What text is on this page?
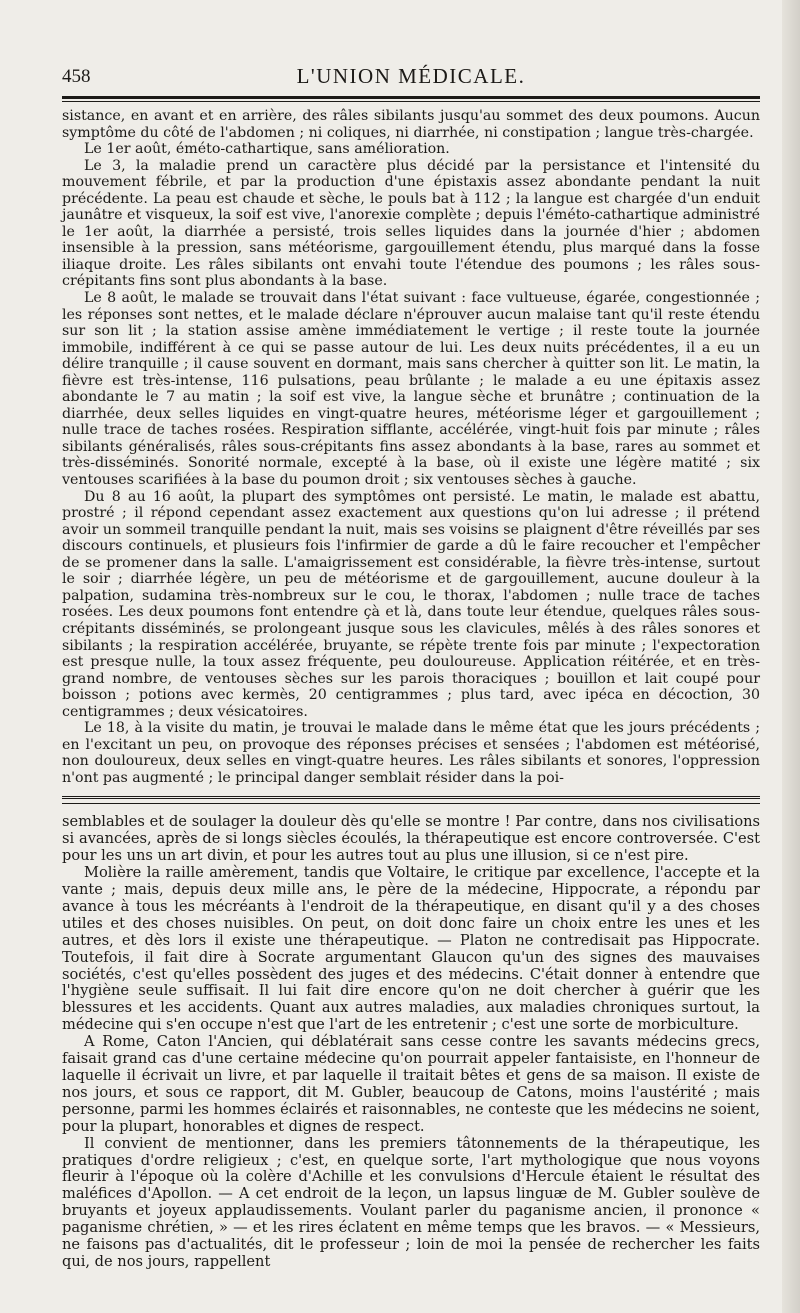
458	L'UNION MÉDICALE.

sistance, en avant et en arrière, des râles sibilants jusqu'au sommet des deux poumons. Aucun symptôme du côté de l'abdomen ; ni coliques, ni diarrhée, ni constipation ; langue très-chargée.

Le 1er août, éméto-cathartique, sans amélioration.

Le 3, la maladie prend un caractère plus décidé par la persistance et l'intensité du mouvement fébrile, et par la production d'une épistaxis assez abondante pendant la nuit précédente. La peau est chaude et sèche, le pouls bat à 112 ; la langue est chargée d'un enduit jaunâtre et visqueux, la soif est vive, l'anorexie complète ; depuis l'éméto-cathartique administré le 1er août, la diarrhée a persisté, trois selles liquides dans la journée d'hier ; abdomen insensible à la pression, sans météorisme, gargouillement étendu, plus marqué dans la fosse iliaque droite. Les râles sibilants ont envahi toute l'étendue des poumons ; les râles sous-crépitants fins sont plus abondants à la base.

Le 8 août, le malade se trouvait dans l'état suivant : face vultueuse, égarée, congestionnée ; les réponses sont nettes, et le malade déclare n'éprouver aucun malaise tant qu'il reste étendu sur son lit ; la station assise amène immédiatement le vertige ; il reste toute la journée immobile, indifférent à ce qui se passe autour de lui. Les deux nuits précédentes, il a eu un délire tranquille ; il cause souvent en dormant, mais sans chercher à quitter son lit. Le matin, la fièvre est très-intense, 116 pulsations, peau brûlante ; le malade a eu une épitaxis assez abondante le 7 au matin ; la soif est vive, la langue sèche et brunâtre ; continuation de la diarrhée, deux selles liquides en vingt-quatre heures, météorisme léger et gargouillement ; nulle trace de taches rosées. Respiration sifflante, accélérée, vingt-huit fois par minute ; râles sibilants généralisés, râles sous-crépitants fins assez abondants à la base, rares au sommet et très-disséminés. Sonorité normale, excepté à la base, où il existe une légère matité ; six ventouses scarifiées à la base du poumon droit ; six ventouses sèches à gauche.

Du 8 au 16 août, la plupart des symptômes ont persisté. Le matin, le malade est abattu, prostré ; il répond cependant assez exactement aux questions qu'on lui adresse ; il prétend avoir un sommeil tranquille pendant la nuit, mais ses voisins se plaignent d'être réveillés par ses discours continuels, et plusieurs fois l'infirmier de garde a dû le faire recoucher et l'empêcher de se promener dans la salle. L'amaigrissement est considérable, la fièvre très-intense, surtout le soir ; diarrhée légère, un peu de météorisme et de gargouillement, aucune douleur à la palpation, sudamina très-nombreux sur le cou, le thorax, l'abdomen ; nulle trace de taches rosées. Les deux poumons font entendre çà et là, dans toute leur étendue, quelques râles sous-crépitants disséminés, se prolongeant jusque sous les clavicules, mêlés à des râles sonores et sibilants ; la respiration accélérée, bruyante, se répète trente fois par minute ; l'expectoration est presque nulle, la toux assez fréquente, peu douloureuse. Application réitérée, et en très-grand nombre, de ventouses sèches sur les parois thoraciques ; bouillon et lait coupé pour boisson ; potions avec kermès, 20 centigrammes ; plus tard, avec ipéca en décoction, 30 centigrammes ; deux vésicatoires.

Le 18, à la visite du matin, je trouvai le malade dans le même état que les jours précédents ; en l'excitant un peu, on provoque des réponses précises et sensées ; l'abdomen est météorisé, non douloureux, deux selles en vingt-quatre heures. Les râles sibilants et sonores, l'oppression n'ont pas augmenté ; le principal danger semblait résider dans la poi-

semblables et de soulager la douleur dès qu'elle se montre ! Par contre, dans nos civilisations si avancées, après de si longs siècles écoulés, la thérapeutique est encore controversée. C'est pour les uns un art divin, et pour les autres tout au plus une illusion, si ce n'est pire.

Molière la raille amèrement, tandis que Voltaire, le critique par excellence, l'accepte et la vante ; mais, depuis deux mille ans, le père de la médecine, Hippocrate, a répondu par avance à tous les mécréants à l'endroit de la thérapeutique, en disant qu'il y a des choses utiles et des choses nuisibles. On peut, on doit donc faire un choix entre les unes et les autres, et dès lors il existe une thérapeutique. — Platon ne contredisait pas Hippocrate. Toutefois, il fait dire à Socrate argumentant Glaucon qu'un des signes des mauvaises sociétés, c'est qu'elles possèdent des juges et des médecins. C'était donner à entendre que l'hygiène seule suffisait. Il lui fait dire encore qu'on ne doit chercher à guérir que les blessures et les accidents. Quant aux autres maladies, aux maladies chroniques surtout, la médecine qui s'en occupe n'est que l'art de les entretenir ; c'est une sorte de morbiculture.

A Rome, Caton l'Ancien, qui déblatérait sans cesse contre les savants médecins grecs, faisait grand cas d'une certaine médecine qu'on pourrait appeler fantaisiste, en l'honneur de laquelle il écrivait un livre, et par laquelle il traitait bêtes et gens de sa maison. Il existe de nos jours, et sous ce rapport, dit M. Gubler, beaucoup de Catons, moins l'austérité ; mais personne, parmi les hommes éclairés et raisonnables, ne conteste que les médecins ne soient, pour la plupart, honorables et dignes de respect.

Il convient de mentionner, dans les premiers tâtonnements de la thérapeutique, les pratiques d'ordre religieux ; c'est, en quelque sorte, l'art mythologique que nous voyons fleurir à l'époque où la colère d'Achille et les convulsions d'Hercule étaient le résultat des maléfices d'Apollon. — A cet endroit de la leçon, un lapsus linguæ de M. Gubler soulève de bruyants et joyeux applaudissements. Voulant parler du paganisme ancien, il prononce « paganisme chrétien, » — et les rires éclatent en même temps que les bravos. — « Messieurs, ne faisons pas d'actualités, dit le professeur ; loin de moi la pensée de rechercher les faits qui, de nos jours, rappellent
